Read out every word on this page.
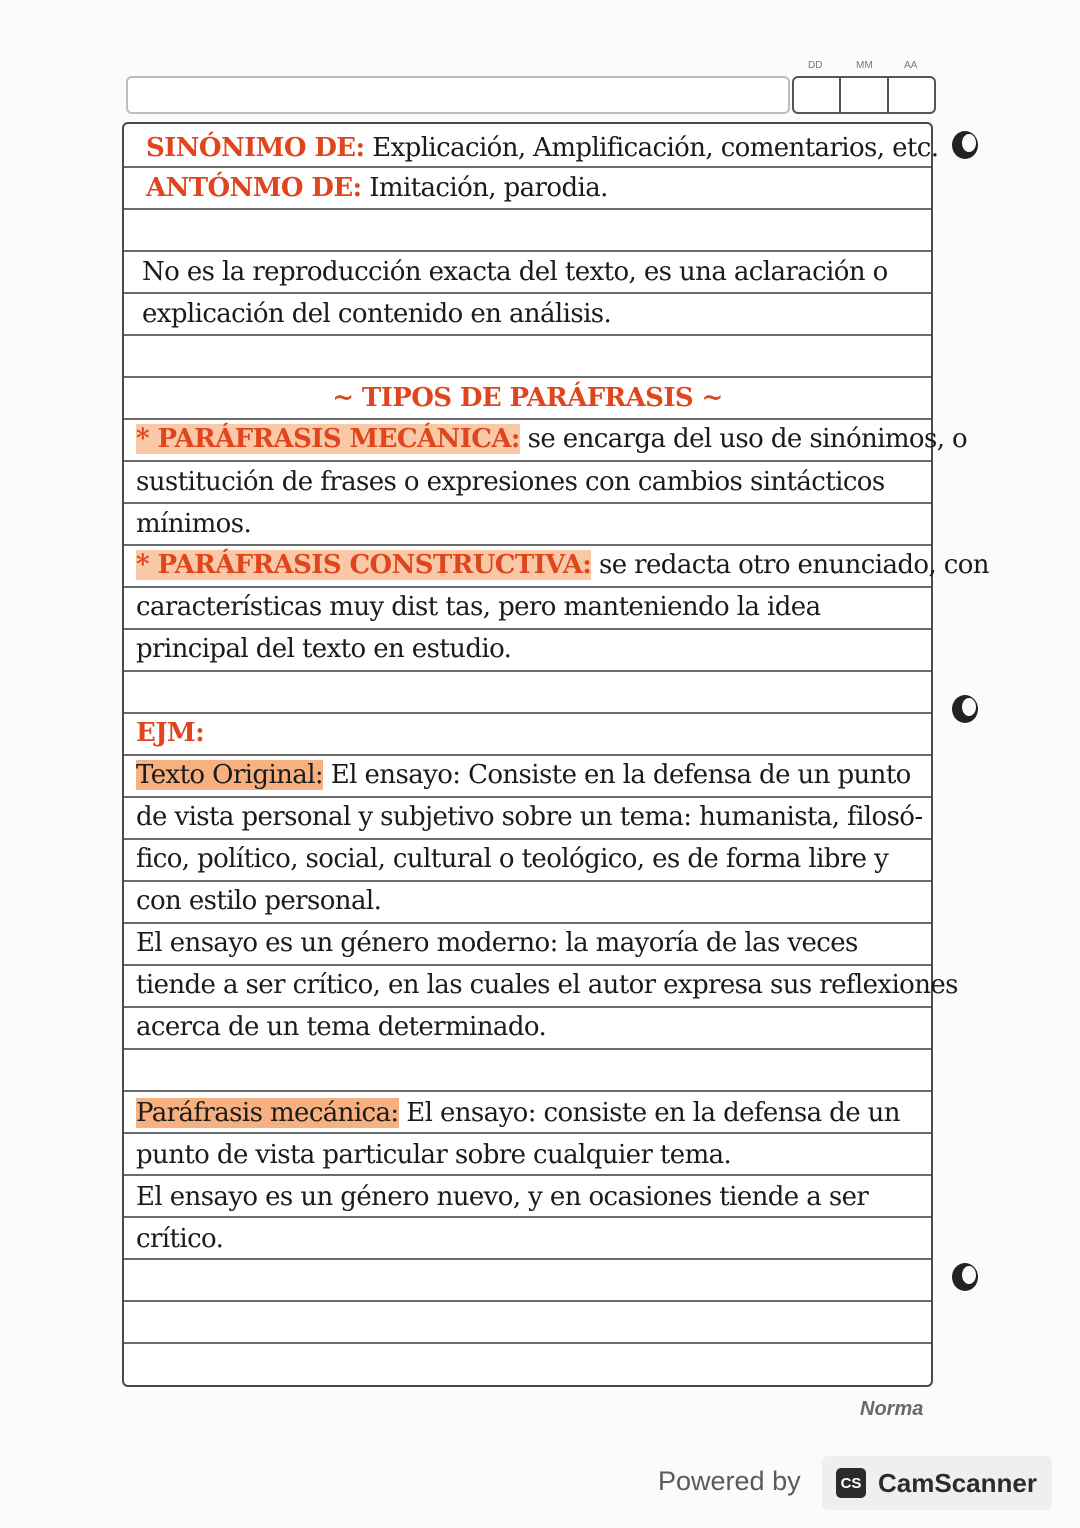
DD	MM	AA
SINÓNIMO DE: Explicación, Amplificación, comentarios, etc.
ANTÓNMO DE: Imitación, parodia.
No es la reproducción exacta del texto, es una aclaración o
explicación del contenido en análisis.
~ TIPOS DE PARÁFRASIS ~
* PARÁFRASIS MECÁNICA: se encarga del uso de sinónimos, o
sustitución de frases o expresiones con cambios sintácticos
mínimos.
* PARÁFRASIS CONSTRUCTIVA: se redacta otro enunciado, con
características muy dist tas, pero manteniendo la idea
principal del texto en estudio.
EJM:
Texto Original: El ensayo: Consiste en la defensa de un punto
de vista personal y subjetivo sobre un tema: humanista, filosó-
fico, político, social, cultural o teológico, es de forma libre y
con estilo personal.
El ensayo es un género moderno: la mayoría de las veces
tiende a ser crítico, en las cuales el autor expresa sus reflexiones
acerca de un tema determinado.
Paráfrasis mecánica: El ensayo: consiste en la defensa de un
punto de vista particular sobre cualquier tema.
El ensayo es un género nuevo, y en ocasiones tiende a ser
crítico.
Norma
Powered by	CS CamScanner
